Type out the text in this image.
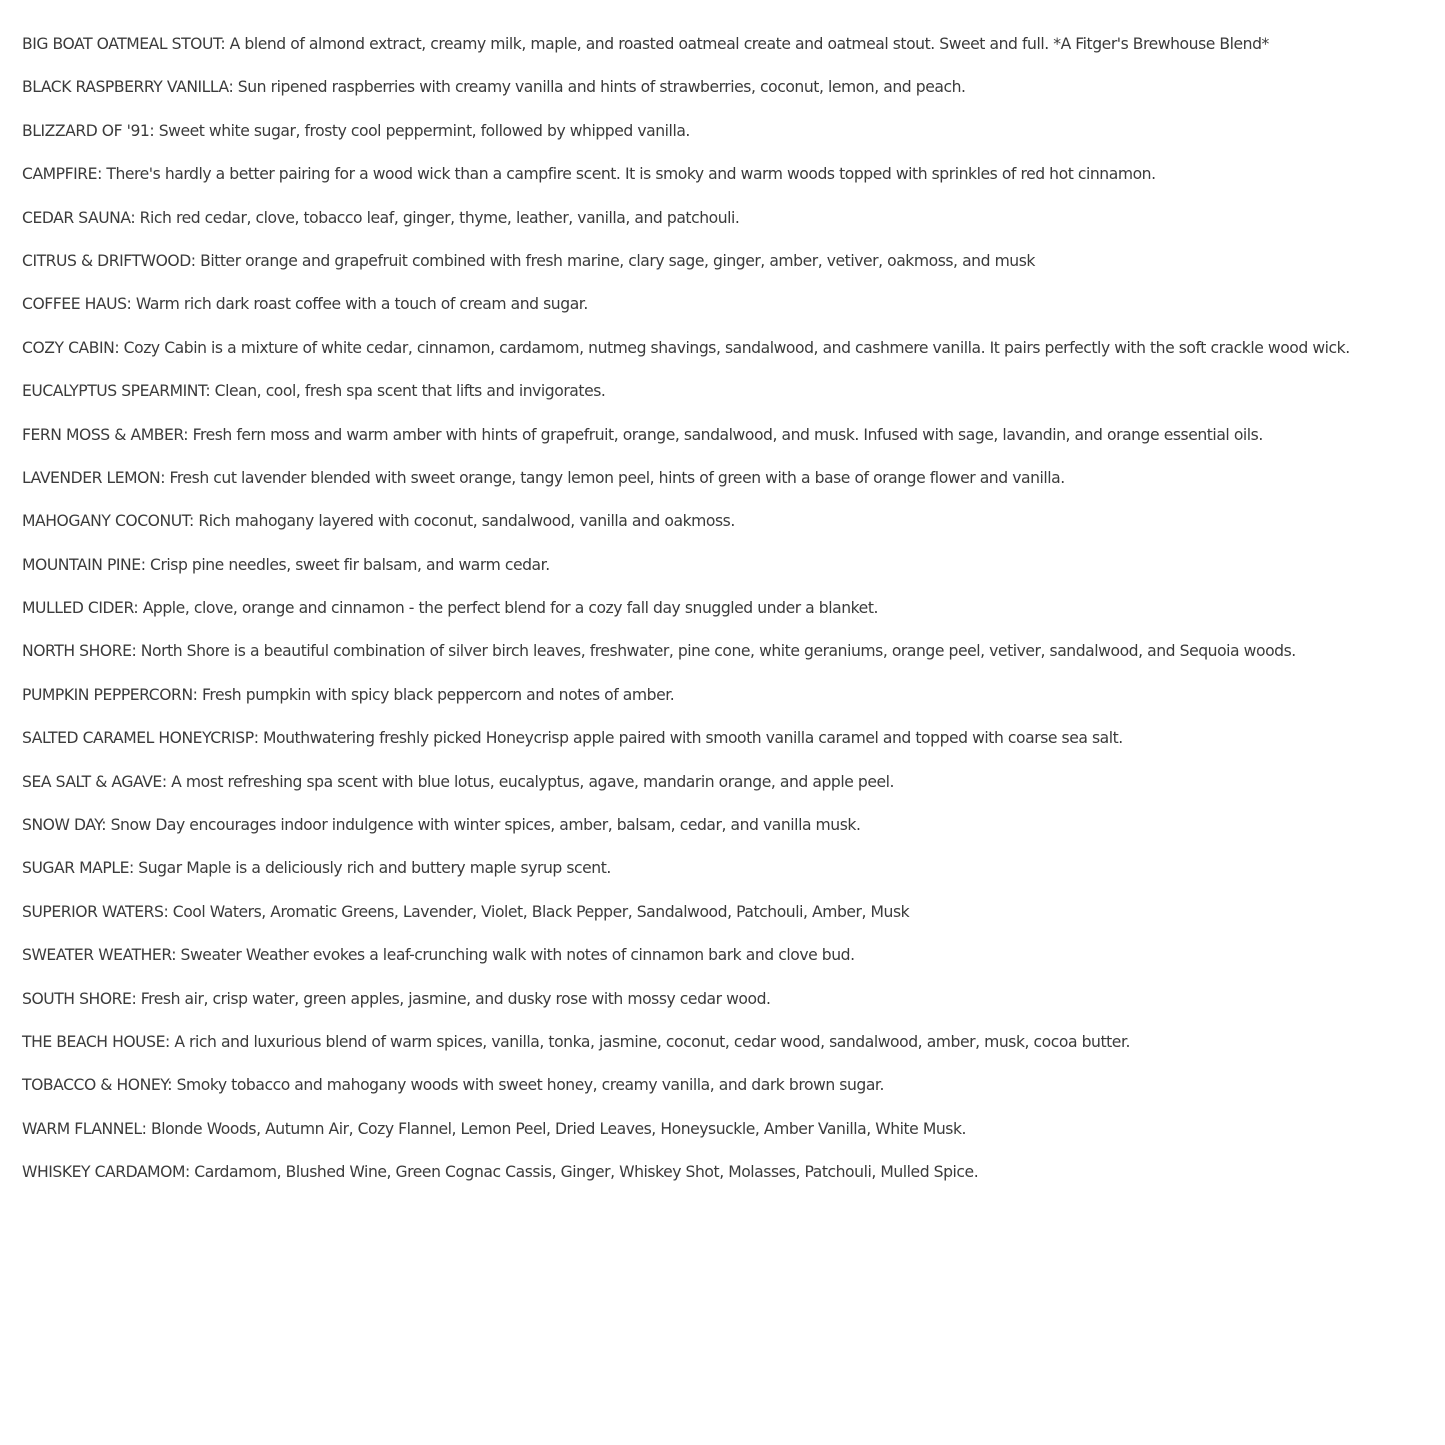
BIG BOAT OATMEAL STOUT: A blend of almond extract, creamy milk, maple, and roasted oatmeal create and oatmeal stout. Sweet and full. *A Fitger's Brewhouse Blend*
BLACK RASPBERRY VANILLA: Sun ripened raspberries with creamy vanilla and hints of strawberries, coconut, lemon, and peach.
BLIZZARD OF '91: Sweet white sugar, frosty cool peppermint, followed by whipped vanilla.
CAMPFIRE: There's hardly a better pairing for a wood wick than a campfire scent. It is smoky and warm woods topped with sprinkles of red hot cinnamon.
CEDAR SAUNA: Rich red cedar, clove, tobacco leaf, ginger, thyme, leather, vanilla, and patchouli.
CITRUS & DRIFTWOOD: Bitter orange and grapefruit combined with fresh marine, clary sage, ginger, amber, vetiver, oakmoss, and musk
COFFEE HAUS: Warm rich dark roast coffee with a touch of cream and sugar.
COZY CABIN: Cozy Cabin is a mixture of white cedar, cinnamon, cardamom, nutmeg shavings, sandalwood, and cashmere vanilla. It pairs perfectly with the soft crackle wood wick.
EUCALYPTUS SPEARMINT: Clean, cool, fresh spa scent that lifts and invigorates.
FERN MOSS & AMBER: Fresh fern moss and warm amber with hints of grapefruit, orange, sandalwood, and musk. Infused with sage, lavandin, and orange essential oils.
LAVENDER LEMON: Fresh cut lavender blended with sweet orange, tangy lemon peel, hints of green with a base of orange flower and vanilla.
MAHOGANY COCONUT: Rich mahogany layered with coconut, sandalwood, vanilla and oakmoss.
MOUNTAIN PINE: Crisp pine needles, sweet fir balsam, and warm cedar.
MULLED CIDER: Apple, clove, orange and cinnamon - the perfect blend for a cozy fall day snuggled under a blanket.
NORTH SHORE: North Shore is a beautiful combination of silver birch leaves, freshwater, pine cone, white geraniums, orange peel, vetiver, sandalwood, and Sequoia woods.
PUMPKIN PEPPERCORN: Fresh pumpkin with spicy black peppercorn and notes of amber.
SALTED CARAMEL HONEYCRISP: Mouthwatering freshly picked Honeycrisp apple paired with smooth vanilla caramel and topped with coarse sea salt.
SEA SALT & AGAVE: A most refreshing spa scent with blue lotus, eucalyptus, agave, mandarin orange, and apple peel.
SNOW DAY: Snow Day encourages indoor indulgence with winter spices, amber, balsam, cedar, and vanilla musk.
SUGAR MAPLE: Sugar Maple is a deliciously rich and buttery maple syrup scent.
SUPERIOR WATERS: Cool Waters, Aromatic Greens, Lavender, Violet, Black Pepper, Sandalwood, Patchouli, Amber, Musk
SWEATER WEATHER: Sweater Weather evokes a leaf-crunching walk with notes of cinnamon bark and clove bud.
SOUTH SHORE: Fresh air, crisp water, green apples, jasmine, and dusky rose with mossy cedar wood.
THE BEACH HOUSE: A rich and luxurious blend of warm spices, vanilla, tonka, jasmine, coconut, cedar wood, sandalwood, amber, musk, cocoa butter.
TOBACCO & HONEY: Smoky tobacco and mahogany woods with sweet honey, creamy vanilla, and dark brown sugar.
WARM FLANNEL: Blonde Woods, Autumn Air, Cozy Flannel, Lemon Peel, Dried Leaves, Honeysuckle, Amber Vanilla, White Musk.
WHISKEY CARDAMOM: Cardamom, Blushed Wine, Green Cognac Cassis, Ginger, Whiskey Shot, Molasses, Patchouli, Mulled Spice.
